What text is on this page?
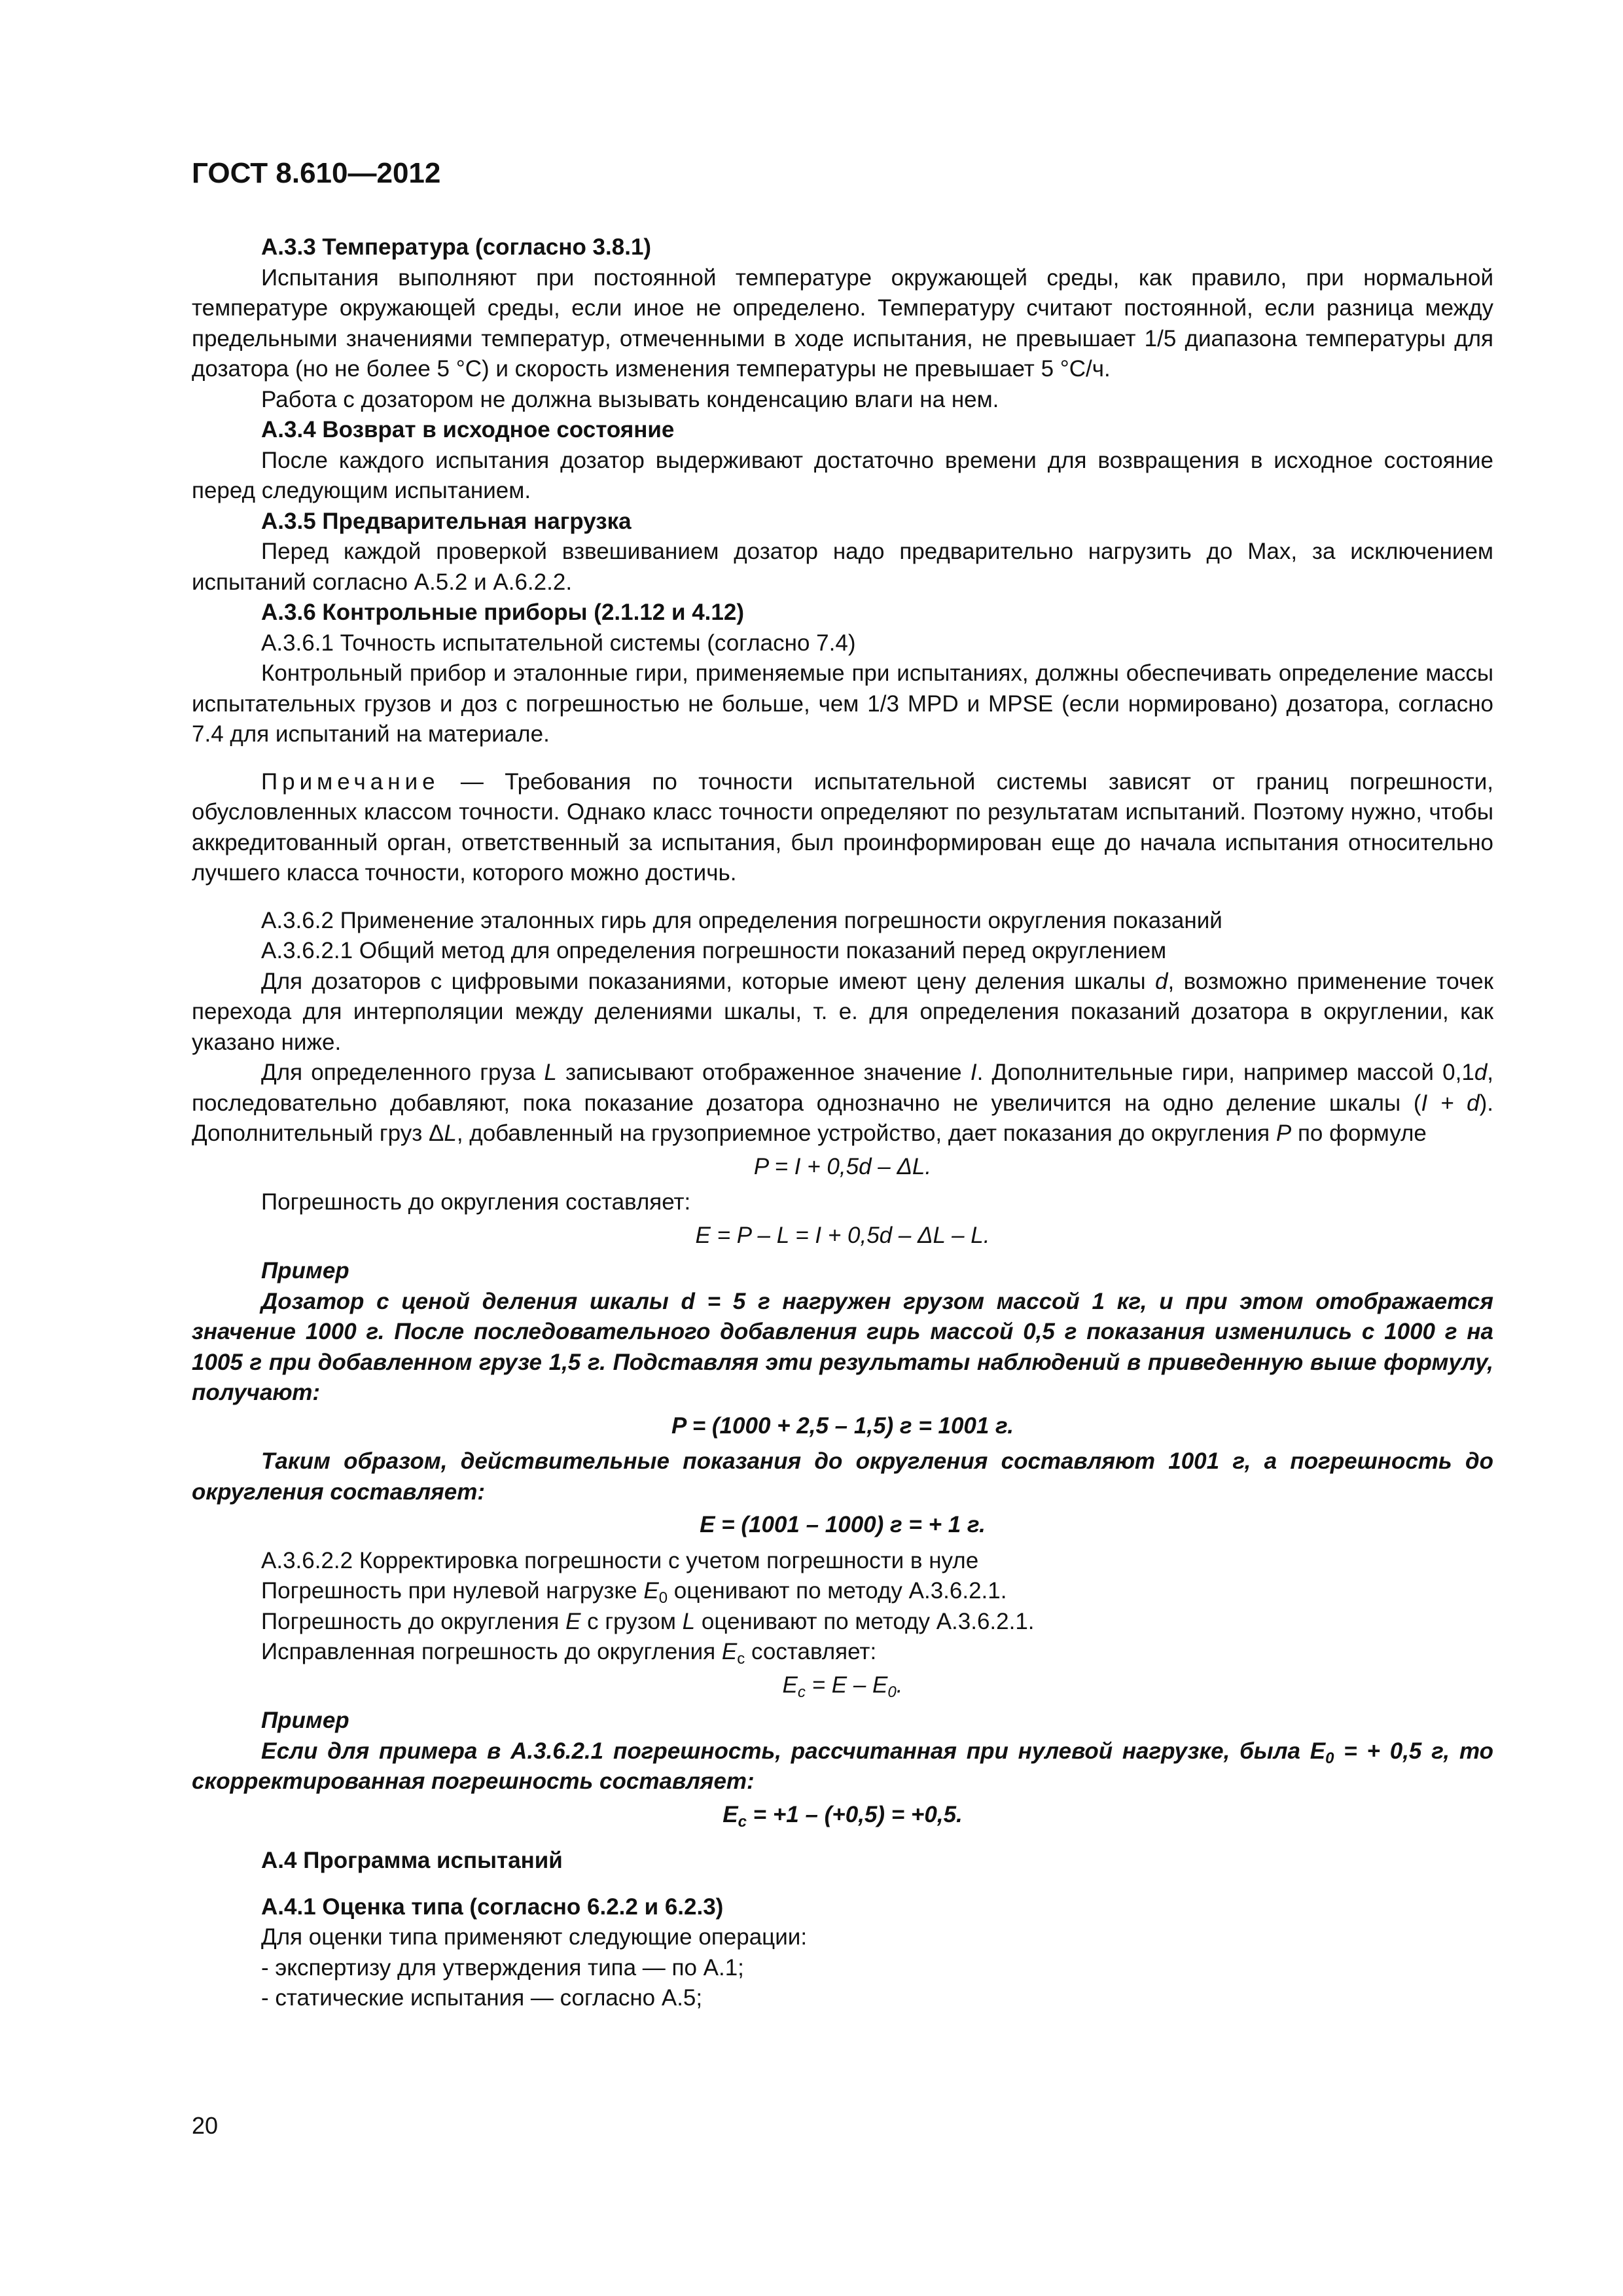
ГОСТ 8.610—2012

А.3.3 Температура (согласно 3.8.1)

Испытания выполняют при постоянной температуре окружающей среды, как правило, при нормальной температуре окружающей среды, если иное не определено. Температуру считают постоянной, если разница между предельными значениями температур, отмеченными в ходе испытания, не превышает 1/5 диапазона температуры для дозатора (но не более 5 °С) и скорость изменения температуры не превышает 5 °С/ч.

Работа с дозатором не должна вызывать конденсацию влаги на нем.

А.3.4 Возврат в исходное состояние

После каждого испытания дозатор выдерживают достаточно времени для возвращения в исходное состояние перед следующим испытанием.

А.3.5 Предварительная нагрузка

Перед каждой проверкой взвешиванием дозатор надо предварительно нагрузить до Max, за исключением испытаний согласно А.5.2 и А.6.2.2.

А.3.6 Контрольные приборы (2.1.12 и 4.12)

А.3.6.1 Точность испытательной системы (согласно 7.4)

Контрольный прибор и эталонные гири, применяемые при испытаниях, должны обеспечивать определение массы испытательных грузов и доз с погрешностью не больше, чем 1/3 MPD и MPSE (если нормировано) дозатора, согласно 7.4 для испытаний на материале.

Примечание — Требования по точности испытательной системы зависят от границ погрешности, обусловленных классом точности. Однако класс точности определяют по результатам испытаний. Поэтому нужно, чтобы аккредитованный орган, ответственный за испытания, был проинформирован еще до начала испытания относительно лучшего класса точности, которого можно достичь.

А.3.6.2 Применение эталонных гирь для определения погрешности округления показаний

А.3.6.2.1 Общий метод для определения погрешности показаний перед округлением

Для дозаторов с цифровыми показаниями, которые имеют цену деления шкалы d, возможно применение точек перехода для интерполяции между делениями шкалы, т. е. для определения показаний дозатора в округлении, как указано ниже.

Для определенного груза L записывают отображенное значение I. Дополнительные гири, например массой 0,1d, последовательно добавляют, пока показание дозатора однозначно не увеличится на одно деление шкалы (I + d). Дополнительный груз ΔL, добавленный на грузоприемное устройство, дает показания до округления P по формуле

P = I + 0,5d – ΔL.

Погрешность до округления составляет:

E = P – L = I + 0,5d – ΔL – L.

Пример

Дозатор с ценой деления шкалы d = 5 г нагружен грузом массой 1 кг, и при этом отображается значение 1000 г. После последовательного добавления гирь массой 0,5 г показания изменились с 1000 г на 1005 г при добавленном грузе 1,5 г. Подставляя эти результаты наблюдений в приведенную выше формулу, получают:

P = (1000 + 2,5 – 1,5) г = 1001 г.

Таким образом, действительные показания до округления составляют 1001 г, а погрешность до округления составляет:

E = (1001 – 1000) г = + 1 г.

А.3.6.2.2 Корректировка погрешности с учетом погрешности в нуле

Погрешность при нулевой нагрузке $E_0$ оценивают по методу А.3.6.2.1.

Погрешность до округления E с грузом L оценивают по методу А.3.6.2.1.

Исправленная погрешность до округления $E_c$ составляет:

$E_c = E - E_0$.

Пример

Если для примера в А.3.6.2.1 погрешность, рассчитанная при нулевой нагрузке, была $E_0$ = + 0,5 г, то скорректированная погрешность составляет:

$E_c = +1 - (+0,5) = +0,5$.

А.4 Программа испытаний

А.4.1 Оценка типа (согласно 6.2.2 и 6.2.3)

Для оценки типа применяют следующие операции:

- экспертизу для утверждения типа — по А.1;

- статические испытания — согласно А.5;

20
